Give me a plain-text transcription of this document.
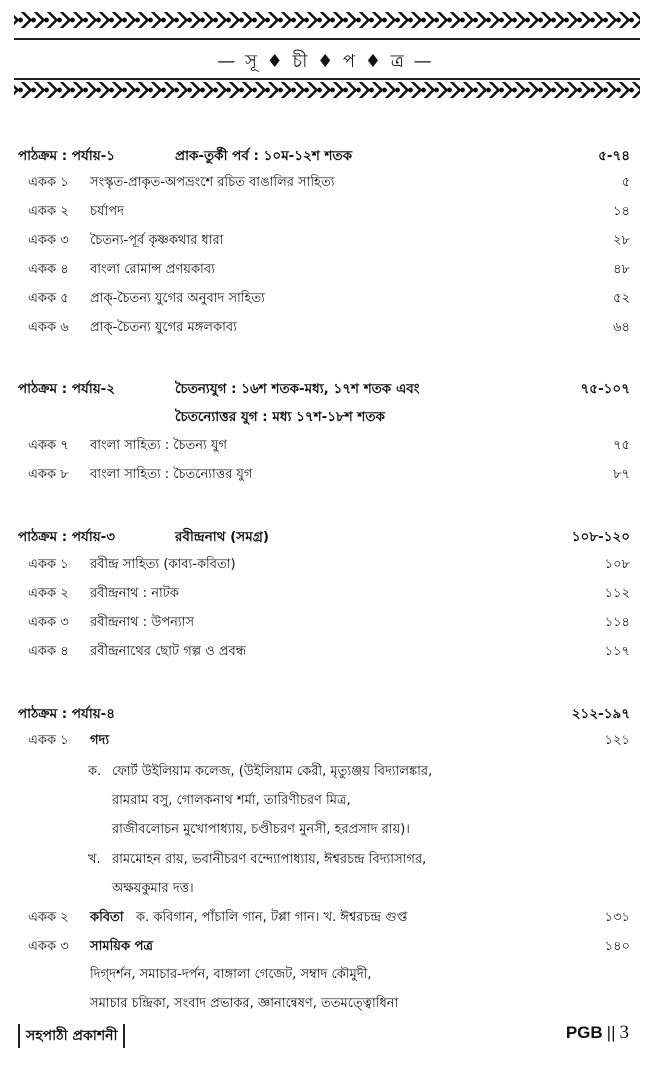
— সূ ♦ চী ♦ প ♦ ত্র —
পাঠক্রম : পর্যায়-১	প্রাক-তুর্কী পর্ব : ১০ম-১২শ শতক	৫-৭৪
একক ১	সংস্কৃত-প্রাকৃত-অপভ্রংশে রচিত বাঙালির সাহিত্য	৫
একক ২	চর্যাপদ	১৪
একক ৩	চৈতন্য-পূর্ব কৃষ্ণকথার ধারা	২৮
একক ৪	বাংলা রোমান্স প্রণয়কাব্য	৪৮
একক ৫	প্রাক্-চৈতন্য যুগের অনুবাদ সাহিত্য	৫২
একক ৬	প্রাক্-চৈতন্য যুগের মঙ্গলকাব্য	৬৪
পাঠক্রম : পর্যায়-২	চৈতন্যযুগ : ১৬শ শতক-মধ্য, ১৭শ শতক এবং	৭৫-১০৭
চৈতন্যোত্তর যুগ : মধ্য ১৭শ-১৮শ শতক
একক ৭	বাংলা সাহিত্য : চৈতন্য যুগ	৭৫
একক ৮	বাংলা সাহিত্য : চৈতন্যোত্তর যুগ	৮৭
পাঠক্রম : পর্যায়-৩	রবীন্দ্রনাথ (সমগ্র)	১০৮-১২০
একক ১	রবীন্দ্র সাহিত্য (কাব্য-কবিতা)	১০৮
একক ২	রবীন্দ্রনাথ : নাটক	১১২
একক ৩	রবীন্দ্রনাথ : উপন্যাস	১১৪
একক ৪	রবীন্দ্রনাথের ছোট গল্প ও প্রবন্ধ	১১৭
পাঠক্রম : পর্যায়-৪	২১২-১৯৭
একক ১	গদ্য	১২১
ক. ফোর্ট উইলিয়াম কলেজ, (উইলিয়াম কেরী, মৃত্যুঞ্জয় বিদ্যালঙ্কার,
রামরাম বসু, গোলকনাথ শর্মা, তারিণীচরণ মিত্র,
রাজীবলোচন মুখোপাধ্যায়, চণ্ডীচরণ মুনসী, হরপ্রসাদ রায়)।
খ. রামমোহন রায়, ভবানীচরণ বন্দ্যোপাধ্যায়, ঈশ্বরচন্দ্র বিদ্যাসাগর,
অক্ষয়কুমার দত্ত।
একক ২	কবিতা ক. কবিগান, পাঁচালি গান, টপ্পা গান। খ. ঈশ্বরচন্দ্র গুপ্ত	১৩১
একক ৩	সাময়িক পত্র	১৪০
দিগ্‌দর্শন, সমাচার-দর্পন, বাঙ্গালা গেজেট, সম্বাদ কৌমুদী,
সমাচার চন্দ্রিকা, সংবাদ প্রভাকর, জ্ঞানান্বেষণ, ততমত্ত্বোধিনা
সহপাঠী প্রকাশনী	PGB || 3
